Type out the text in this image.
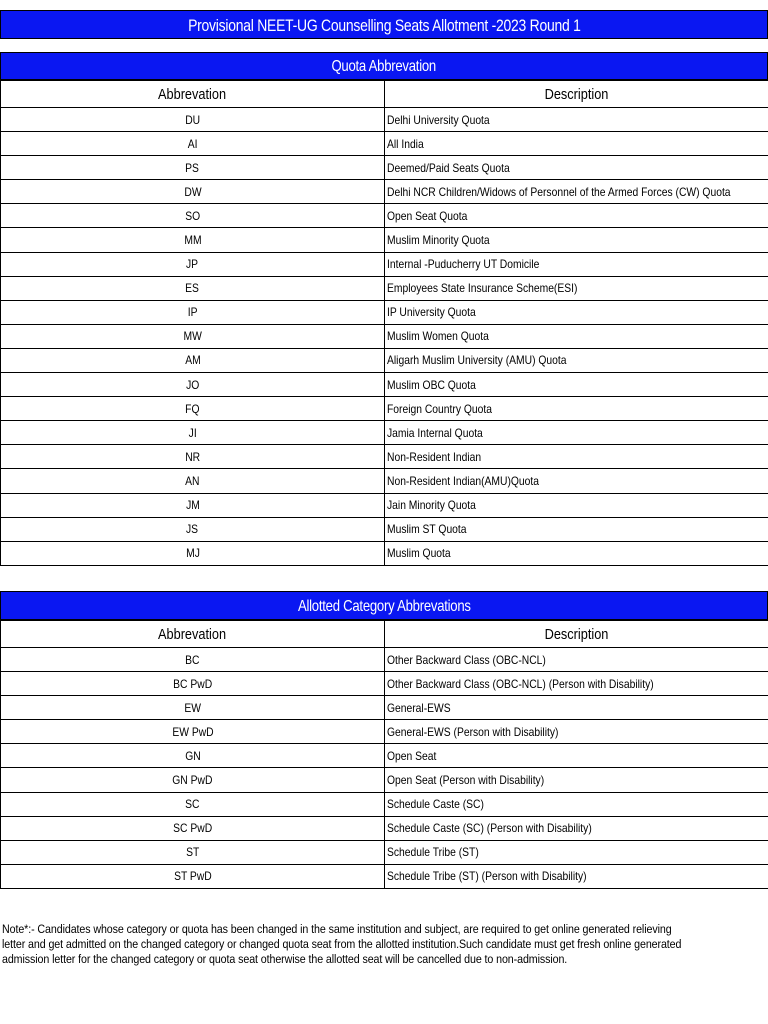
Provisional NEET-UG Counselling Seats Allotment -2023 Round 1
Quota Abbrevation
Abbrevation	Description
DU	Delhi University Quota
AI	All India
PS	Deemed/Paid Seats Quota
DW	Delhi NCR Children/Widows of Personnel of the Armed Forces (CW) Quota
SO	Open Seat Quota
MM	Muslim Minority Quota
JP	Internal -Puducherry UT Domicile
ES	Employees State Insurance Scheme(ESI)
IP	IP University Quota
MW	Muslim Women Quota
AM	Aligarh Muslim University (AMU) Quota
JO	Muslim OBC Quota
FQ	Foreign Country Quota
JI	Jamia Internal Quota
NR	Non-Resident Indian
AN	Non-Resident Indian(AMU)Quota
JM	Jain Minority Quota
JS	Muslim ST Quota
MJ	Muslim Quota
Allotted Category Abbrevations
Abbrevation	Description
BC	Other Backward Class (OBC-NCL)
BC PwD	Other Backward Class (OBC-NCL) (Person with Disability)
EW	General-EWS
EW PwD	General-EWS (Person with Disability)
GN	Open Seat
GN PwD	Open Seat (Person with Disability)
SC	Schedule Caste (SC)
SC PwD	Schedule Caste (SC) (Person with Disability)
ST	Schedule Tribe (ST)
ST PwD	Schedule Tribe (ST) (Person with Disability)
Note*:- Candidates whose category or quota has been changed in the same institution and subject, are required to get online generated relieving letter and get admitted on the changed category or changed quota seat from the allotted institution.Such candidate must get fresh online generated admission letter for the changed category or quota seat otherwise the allotted seat will be cancelled due to non-admission.
